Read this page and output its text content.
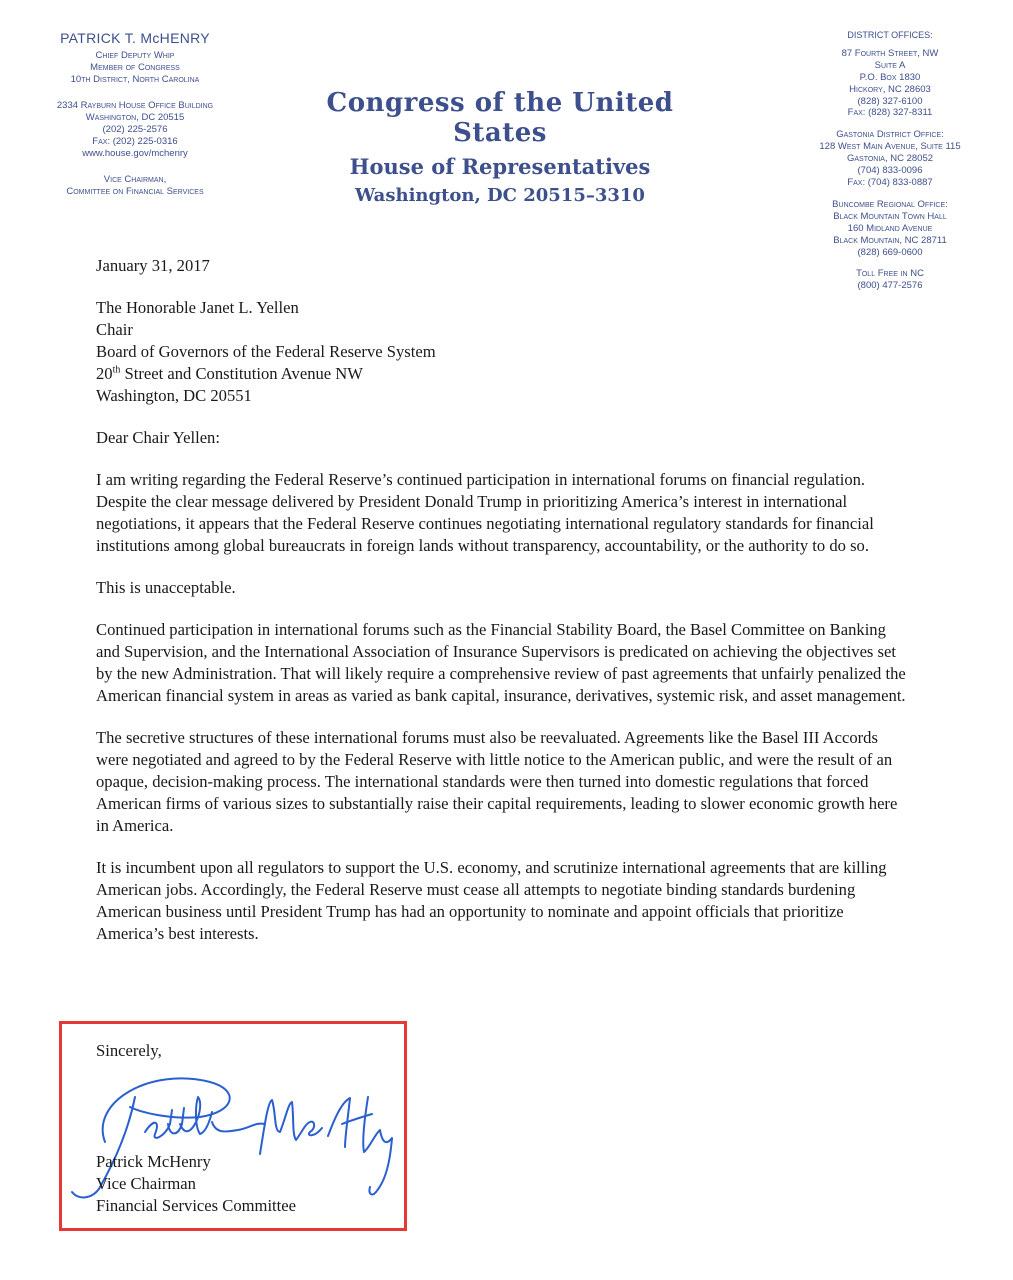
PATRICK T. McHENRY
Chief Deputy Whip
Member of Congress
10th District, North Carolina
2334 Rayburn House Office Building
Washington, DC 20515
(202) 225-2576
Fax: (202) 225-0316
www.house.gov/mchenry
Vice Chairman,
Committee on Financial Services
Congress of the United States
House of Representatives
Washington, DC 20515–3310
DISTRICT OFFICES:
87 Fourth Street, NW
Suite A
P.O. Box 1830
Hickory, NC 28603
(828) 327-6100
Fax: (828) 327-8311
Gastonia District Office:
128 West Main Avenue, Suite 115
Gastonia, NC 28052
(704) 833-0096
Fax: (704) 833-0887
Buncombe Regional Office:
Black Mountain Town Hall
160 Midland Avenue
Black Mountain, NC 28711
(828) 669-0600
Toll Free in NC
(800) 477-2576
January 31, 2017
The Honorable Janet L. Yellen
Chair
Board of Governors of the Federal Reserve System
20th Street and Constitution Avenue NW
Washington, DC 20551
Dear Chair Yellen:

I am writing regarding the Federal Reserve’s continued participation in international forums on financial regulation. Despite the clear message delivered by President Donald Trump in prioritizing America’s interest in international negotiations, it appears that the Federal Reserve continues negotiating international regulatory standards for financial institutions among global bureaucrats in foreign lands without transparency, accountability, or the authority to do so.

This is unacceptable.

Continued participation in international forums such as the Financial Stability Board, the Basel Committee on Banking and Supervision, and the International Association of Insurance Supervisors is predicated on achieving the objectives set by the new Administration. That will likely require a comprehensive review of past agreements that unfairly penalized the American financial system in areas as varied as bank capital, insurance, derivatives, systemic risk, and asset management.

The secretive structures of these international forums must also be reevaluated. Agreements like the Basel III Accords were negotiated and agreed to by the Federal Reserve with little notice to the American public, and were the result of an opaque, decision-making process. The international standards were then turned into domestic regulations that forced American firms of various sizes to substantially raise their capital requirements, leading to slower economic growth here in America.

It is incumbent upon all regulators to support the U.S. economy, and scrutinize international agreements that are killing American jobs. Accordingly, the Federal Reserve must cease all attempts to negotiate binding standards burdening American business until President Trump has had an opportunity to nominate and appoint officials that prioritize America’s best interests.

Sincerely,
Patrick McHenry
Vice Chairman
Financial Services Committee
